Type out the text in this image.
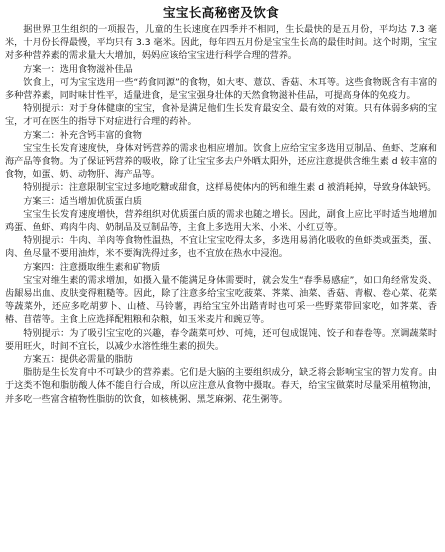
宝宝长高秘密及饮食

据世界卫生组织的一项报告，儿童的生长速度在四季并不相同，生长最快的是五月份，平均达 7.3 毫米，十月份长得最慢，平均只有 3.3 毫米。因此，每年四五月份是宝宝生长高的最佳时间。这个时期，宝宝对多种营养素的需求量大大增加，妈妈应该给宝宝进行科学合理的营养。

方案一：选用食物滋补佳品

饮食上，可为宝宝选用一些“药食同源”的食物，如大枣、薏苡、香菇、木耳等。这些食物既含有丰富的多种营养素，同时味甘性平，适量进食，是宝宝强身壮体的天然食物滋补佳品，可提高身体的免疫力。

特别提示：对于身体健康的宝宝，食补是满足他们生长发育最安全、最有效的对策。只有体弱多病的宝宝，才可在医生的指导下对症进行合理的药补。

方案二：补充含钙丰富的食物

宝宝生长发育速度快，身体对钙营养的需求也相应增加。饮食上应给宝宝多选用豆制品、鱼虾、芝麻和海产品等食物。为了保证钙营养的吸收，除了让宝宝多去户外晒太阳外，还应注意提供含维生素 d 较丰富的食物，如蛋、奶、动物肝、海产品等。

特别提示：注意限制宝宝过多地吃糖或甜食，这样易使体内的钙和维生素 d 被消耗掉，导致身体缺钙。

方案三：适当增加优质蛋白质

宝宝生长发育速度增快，营养组织对优质蛋白质的需求也随之增长。因此，副食上应比平时适当地增加鸡蛋、鱼虾、鸡肉牛肉、奶制品及豆制品等，主食上多选用大米、小米、小红豆等。

特别提示：牛肉、羊肉等食物性温热，不宜让宝宝吃得太多，多选用易消化吸收的鱼虾类或蛋类，蛋、肉、鱼尽量不要用油炸，米不要淘洗得过多，也不宜放在热水中浸泡。

方案四：注意摄取维生素和矿物质

宝宝对维生素的需求增加，如摄入量不能满足身体需要时，就会发生“春季易感症”，如口角经常发炎、齿龈易出血、皮肤变得粗糙等。因此，除了注意多给宝宝吃菠菜、荠菜、油菜、香菇、青椒、卷心菜、花菜等蔬菜外，还应多吃胡萝卜、山楂、马铃薯，再给宝宝外出踏青时也可采一些野菜带回家吃，如荠菜、香椿、苜蓿等。主食上应选择配粗粮和杂粮，如玉米麦片和豌豆等。

特别提示：为了吸引宝宝吃的兴趣，春令蔬菜可炒、可炖，还可包成馄饨、饺子和春卷等。烹调蔬菜时要用旺火，时间不宜长，以减少水溶性维生素的损失。

方案五：提供必需量的脂肪

脂肪是生长发育中不可缺少的营养素。它们是大脑的主要组织成分，缺乏将会影响宝宝的智力发育。由于这类不饱和脂肪酸人体不能自行合成，所以应注意从食物中摄取。春天，给宝宝做菜时尽量采用植物油，并多吃一些富含植物性脂肪的饮食，如核桃粥、黑芝麻粥、花生粥等。
